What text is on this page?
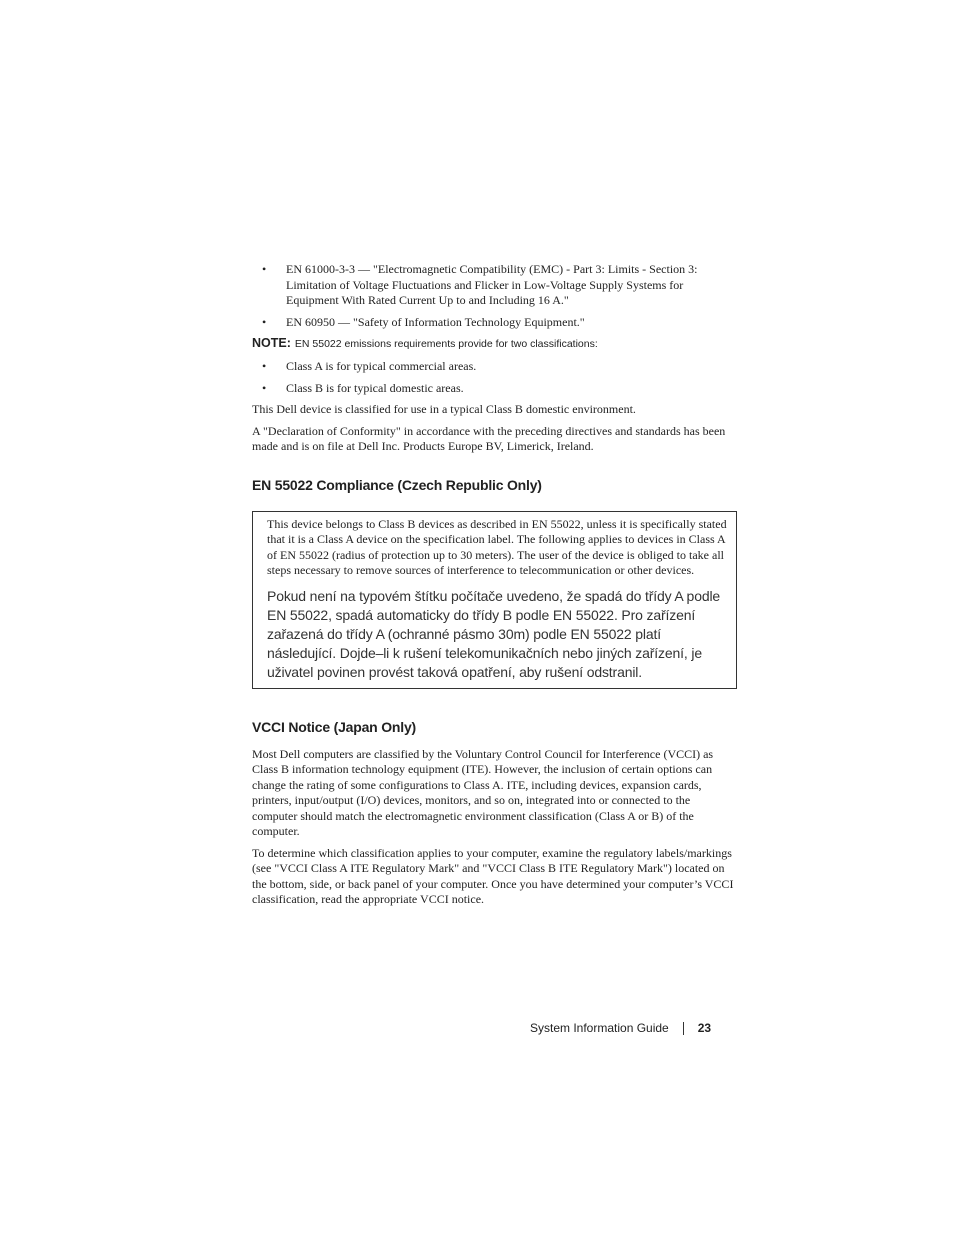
• EN 61000-3-3 — "Electromagnetic Compatibility (EMC) - Part 3: Limits - Section 3: Limitation of Voltage Fluctuations and Flicker in Low-Voltage Supply Systems for Equipment With Rated Current Up to and Including 16 A."
• EN 60950 — "Safety of Information Technology Equipment."
NOTE: EN 55022 emissions requirements provide for two classifications:
• Class A is for typical commercial areas.
• Class B is for typical domestic areas.

This Dell device is classified for use in a typical Class B domestic environment.

A "Declaration of Conformity" in accordance with the preceding directives and standards has been made and is on file at Dell Inc. Products Europe BV, Limerick, Ireland.

EN 55022 Compliance (Czech Republic Only)

This device belongs to Class B devices as described in EN 55022, unless it is specifically stated that it is a Class A device on the specification label. The following applies to devices in Class A of EN 55022 (radius of protection up to 30 meters). The user of the device is obliged to take all steps necessary to remove sources of interference to telecommunication or other devices.

Pokud není na typovém štítku počítače uvedeno, že spadá do třídy A podle EN 55022, spadá automaticky do třídy B podle EN 55022. Pro zařízení zařazená do třídy A (ochranné pásmo 30m) podle EN 55022 platí následující. Dojde–li k rušení telekomunikačních nebo jiných zařízení, je uživatel povinen provést taková opatření, aby rušení odstranil.

VCCI Notice (Japan Only)

Most Dell computers are classified by the Voluntary Control Council for Interference (VCCI) as Class B information technology equipment (ITE). However, the inclusion of certain options can change the rating of some configurations to Class A. ITE, including devices, expansion cards, printers, input/output (I/O) devices, monitors, and so on, integrated into or connected to the computer should match the electromagnetic environment classification (Class A or B) of the computer.

To determine which classification applies to your computer, examine the regulatory labels/markings (see "VCCI Class A ITE Regulatory Mark" and "VCCI Class B ITE Regulatory Mark") located on the bottom, side, or back panel of your computer. Once you have determined your computer’s VCCI classification, read the appropriate VCCI notice.

System Information Guide 23
